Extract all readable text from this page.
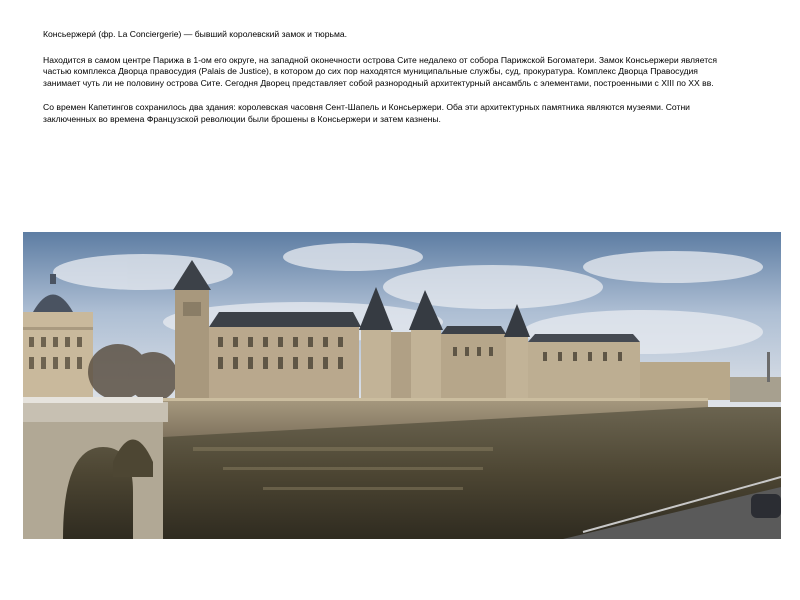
Консьержери́ (фр. La Conciergerie) — бывший королевский замок и тюрьма.

Находится в самом центре Парижа в 1-ом его округе, на западной оконечности острова Сите недалеко от собора Парижской Богоматери. Замок Консьержери является частью комплекса Дворца правосудия (Palais de Justice), в котором до сих пор находятся муниципальные службы, суд, прокуратура. Комплекс Дворца Правосудия занимает чуть ли не половину острова Сите. Сегодня Дворец представляет собой разнородный архитектурный ансамбль с элементами, построенными с XIII по XX вв.

Со времен Капетингов сохранилось два здания: королевская часовня Сент-Шапель и Консьержери. Оба эти архитектурных памятника являются музеями. Сотни заключенных во времена Французской революции были брошены в Консьержери и затем казнены.
